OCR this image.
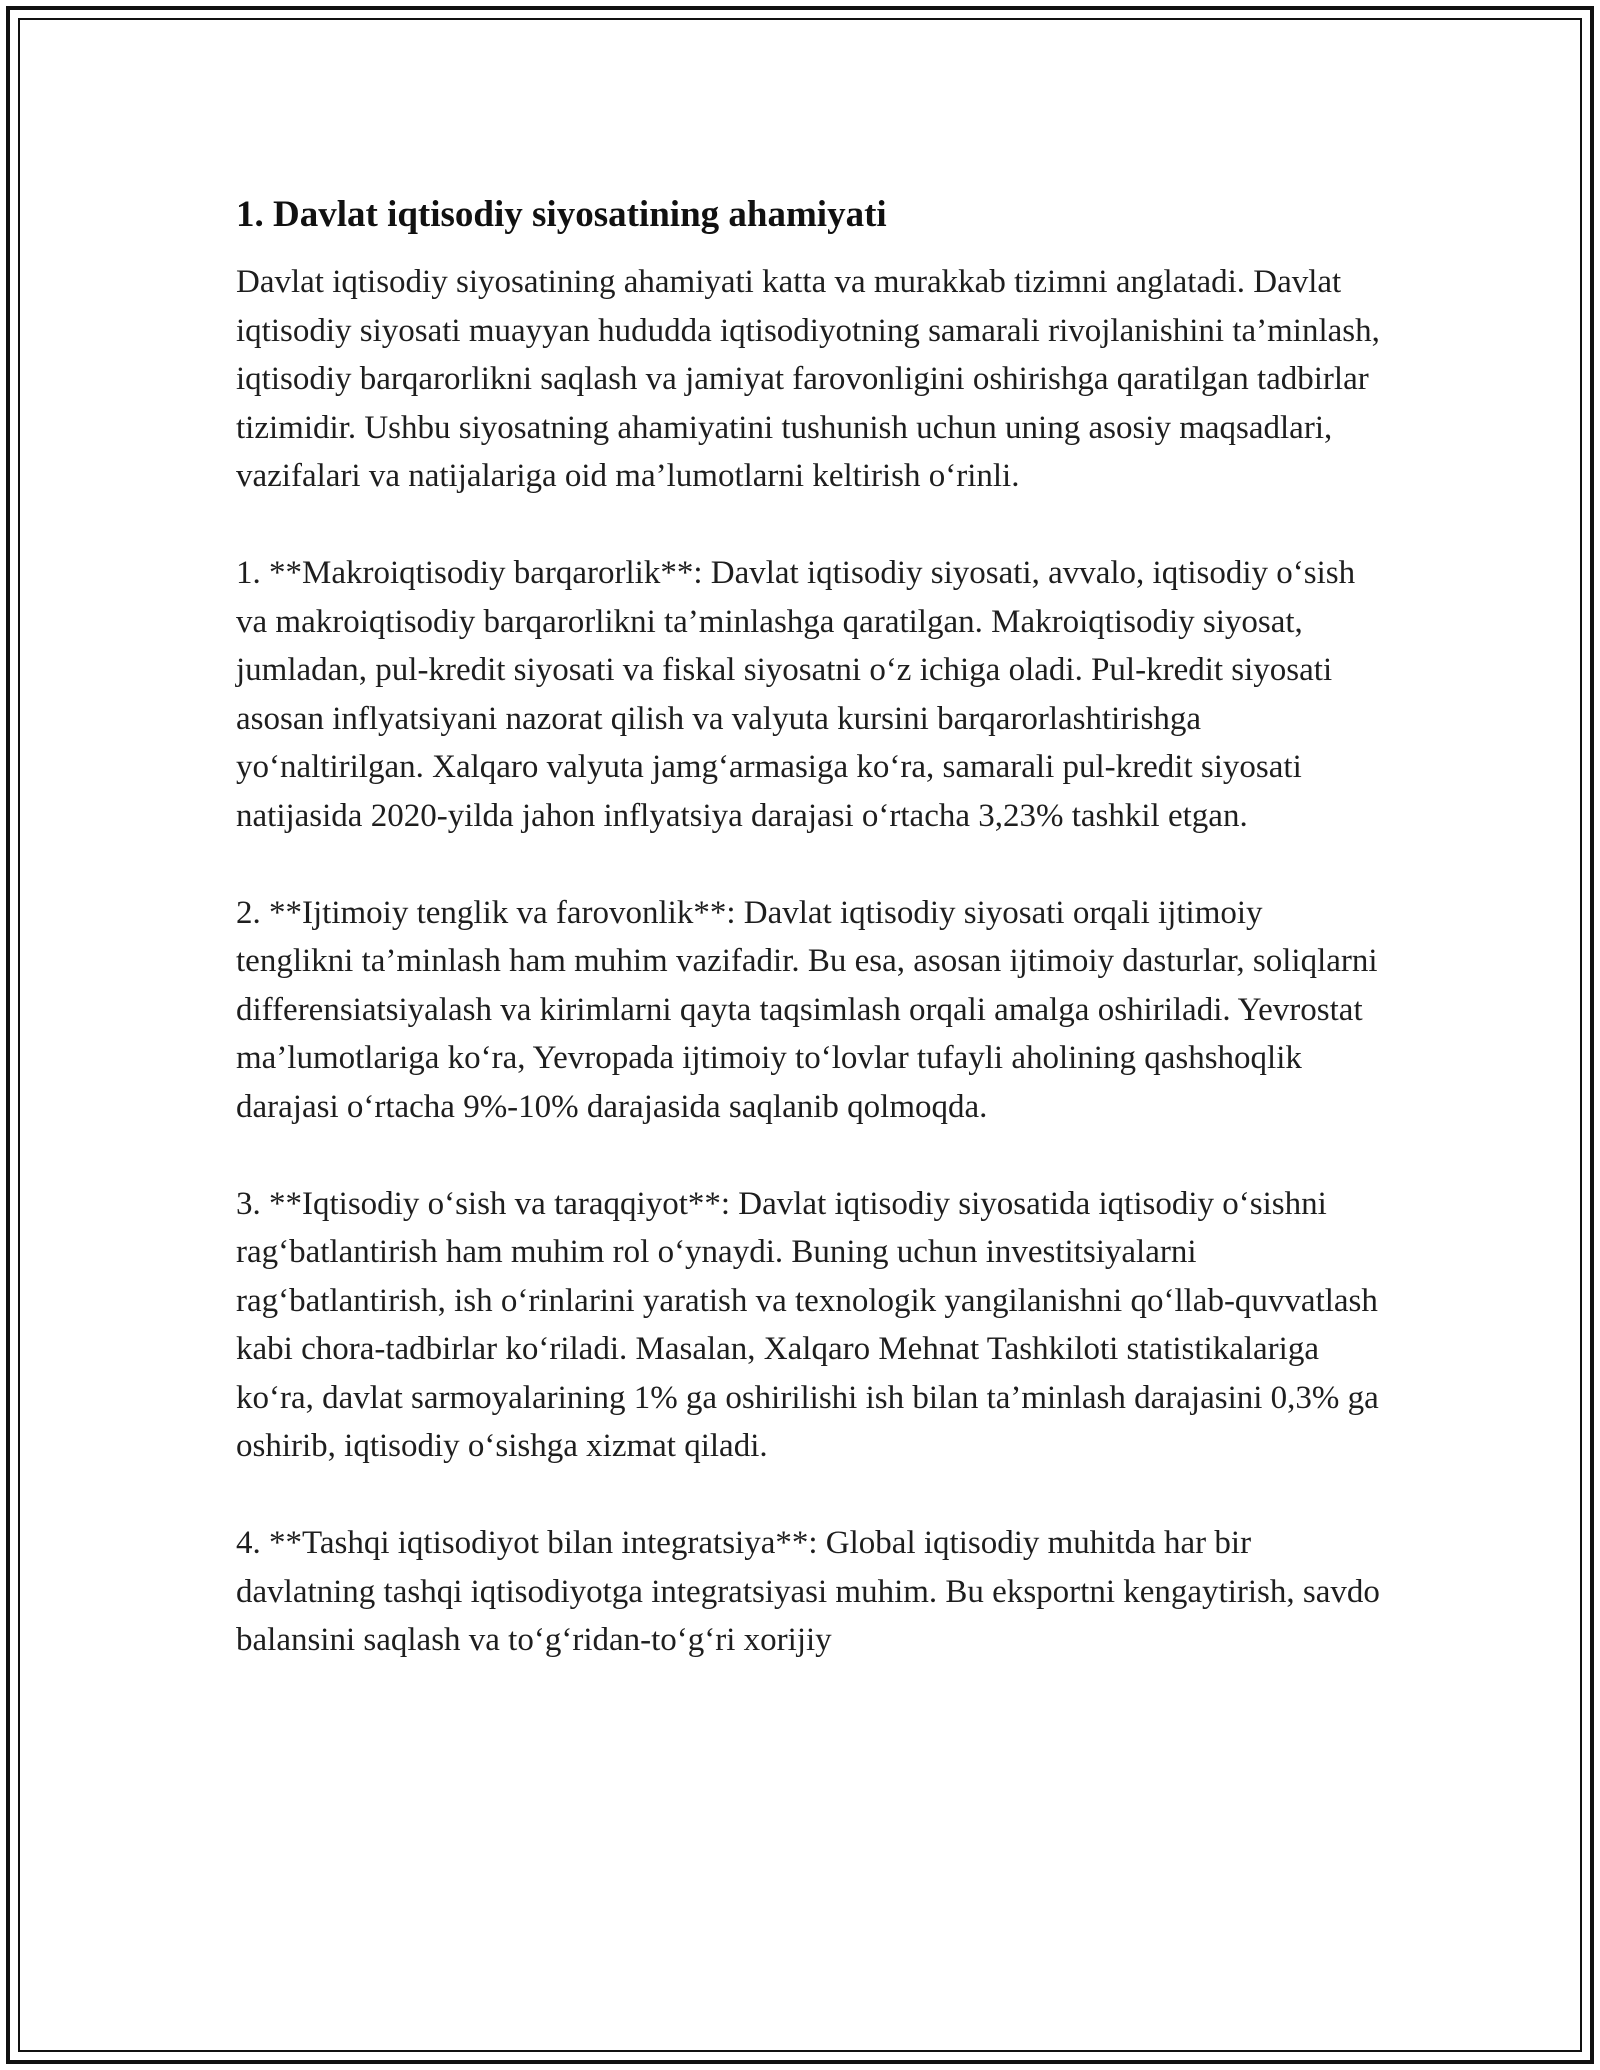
1. Davlat iqtisodiy siyosatining ahamiyati

Davlat iqtisodiy siyosatining ahamiyati katta va murakkab tizimni anglatadi. Davlat iqtisodiy siyosati muayyan hududda iqtisodiyotning samarali rivojlanishini ta’minlash, iqtisodiy barqarorlikni saqlash va jamiyat farovonligini oshirishga qaratilgan tadbirlar tizimidir. Ushbu siyosatning ahamiyatini tushunish uchun uning asosiy maqsadlari, vazifalari va natijalariga oid ma’lumotlarni keltirish o‘rinli.

1. **Makroiqtisodiy barqarorlik**: Davlat iqtisodiy siyosati, avvalo, iqtisodiy o‘sish va makroiqtisodiy barqarorlikni ta’minlashga qaratilgan. Makroiqtisodiy siyosat, jumladan, pul-kredit siyosati va fiskal siyosatni o‘z ichiga oladi. Pul-kredit siyosati asosan inflyatsiyani nazorat qilish va valyuta kursini barqarorlashtirishga yo‘naltirilgan. Xalqaro valyuta jamg‘armasiga ko‘ra, samarali pul-kredit siyosati natijasida 2020-yilda jahon inflyatsiya darajasi o‘rtacha 3,23% tashkil etgan.

2. **Ijtimoiy tenglik va farovonlik**: Davlat iqtisodiy siyosati orqali ijtimoiy tenglikni ta’minlash ham muhim vazifadir. Bu esa, asosan ijtimoiy dasturlar, soliqlarni differensiatsiyalash va kirimlarni qayta taqsimlash orqali amalga oshiriladi. Yevrostat ma’lumotlariga ko‘ra, Yevropada ijtimoiy to‘lovlar tufayli aholining qashshoqlik darajasi o‘rtacha 9%-10% darajasida saqlanib qolmoqda.

3. **Iqtisodiy o‘sish va taraqqiyot**: Davlat iqtisodiy siyosatida iqtisodiy o‘sishni rag‘batlantirish ham muhim rol o‘ynaydi. Buning uchun investitsiyalarni rag‘batlantirish, ish o‘rinlarini yaratish va texnologik yangilanishni qo‘llab-quvvatlash kabi chora-tadbirlar ko‘riladi. Masalan, Xalqaro Mehnat Tashkiloti statistikalariga ko‘ra, davlat sarmoyalarining 1% ga oshirilishi ish bilan ta’minlash darajasini 0,3% ga oshirib, iqtisodiy o‘sishga xizmat qiladi.

4. **Tashqi iqtisodiyot bilan integratsiya**: Global iqtisodiy muhitda har bir davlatning tashqi iqtisodiyotga integratsiyasi muhim. Bu eksportni kengaytirish, savdo balansini saqlash va to‘g‘ridan-to‘g‘ri xorijiy
